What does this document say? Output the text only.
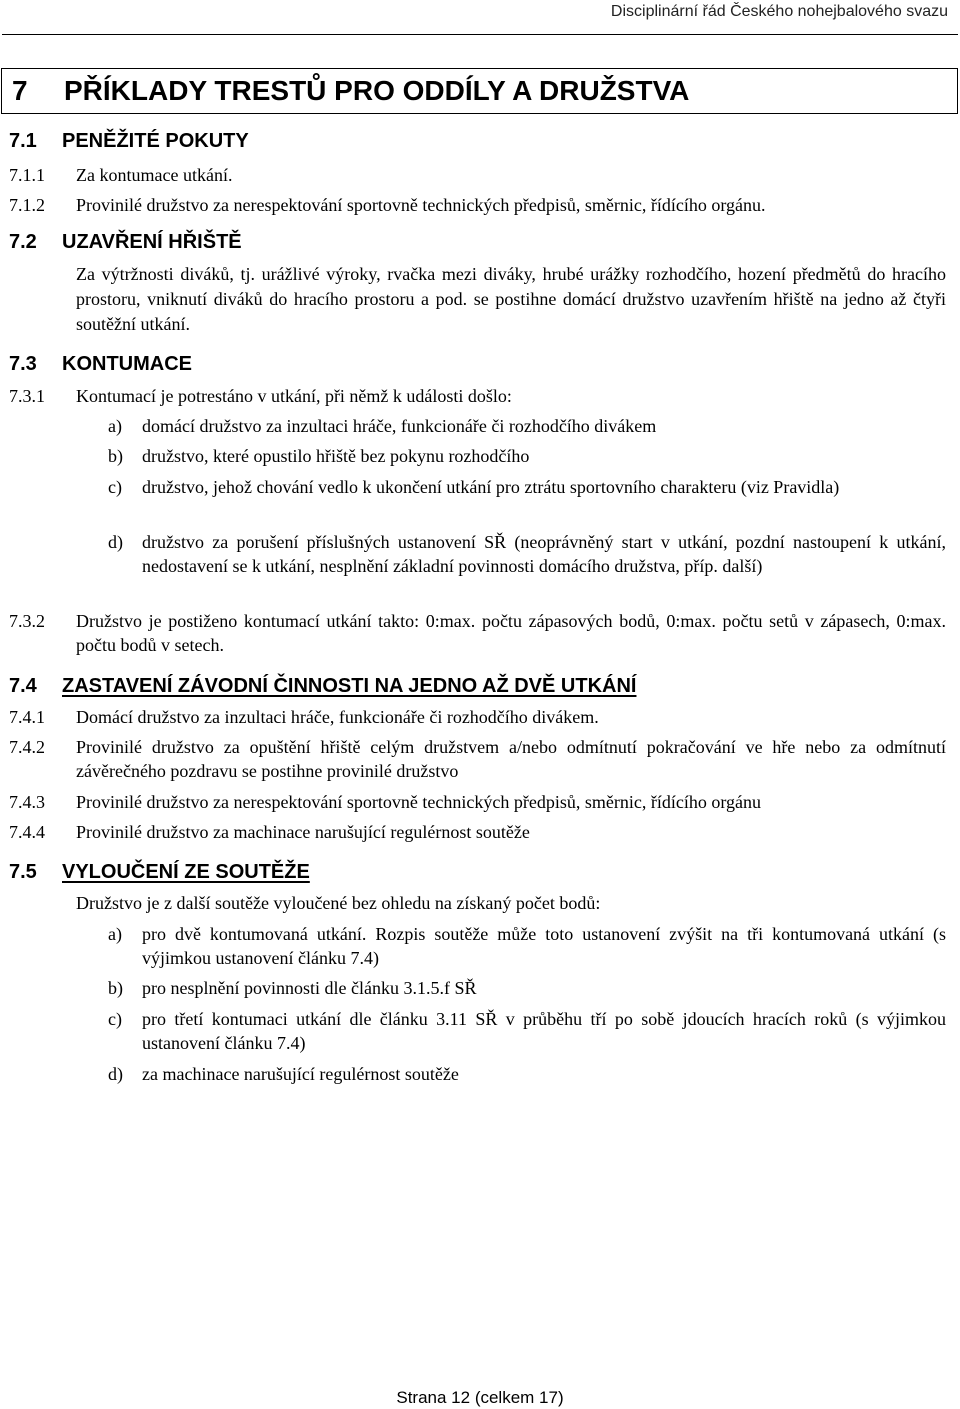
Disciplinární řád Českého nohejbalového svazu
7 PŘÍKLADY TRESTŮ PRO ODDÍLY A DRUŽSTVA
7.1 PENĚŽITÉ POKUTY
7.1.1 Za kontumace utkání.
7.1.2 Provinilé družstvo za nerespektování sportovně technických předpisů, směrnic, řídícího orgánu.
7.2 UZAVŘENÍ HŘIŠTĚ
Za výtržnosti diváků, tj. urážlivé výroky, rvačka mezi diváky, hrubé urážky rozhodčího, hození předmětů do hracího prostoru, vniknutí diváků do hracího prostoru a pod. se postihne domácí družstvo uzavřením hřiště na jedno až čtyři soutěžní utkání.
7.3 KONTUMACE
7.3.1 Kontumací je potrestáno v utkání, při němž k události došlo:
a) domácí družstvo za inzultaci hráče, funkcionáře či rozhodčího divákem
b) družstvo, které opustilo hřiště bez pokynu rozhodčího
c) družstvo, jehož chování vedlo k ukončení utkání pro ztrátu sportovního charakteru (viz Pravidla)
d) družstvo za porušení příslušných ustanovení SŘ (neoprávněný start v utkání, pozdní nastoupení k utkání, nedostavení se k utkání, nesplnění základní povinnosti domácího družstva, příp. další)
7.3.2 Družstvo je postiženo kontumací utkání takto: 0:max. počtu zápasových bodů, 0:max. počtu setů v zápasech, 0:max. počtu bodů v setech.
7.4 ZASTAVENÍ ZÁVODNÍ ČINNOSTI NA JEDNO AŽ DVĚ UTKÁNÍ
7.4.1 Domácí družstvo za inzultaci hráče, funkcionáře či rozhodčího divákem.
7.4.2 Provinilé družstvo za opuštění hřiště celým družstvem a/nebo odmítnutí pokračování ve hře nebo za odmítnutí závěrečného pozdravu se postihne provinilé družstvo
7.4.3 Provinilé družstvo za nerespektování sportovně technických předpisů, směrnic, řídícího orgánu
7.4.4 Provinilé družstvo za machinace narušující regulérnost soutěže
7.5 VYLOUČENÍ ZE SOUTĚŽE
Družstvo je z další soutěže vyloučené bez ohledu na získaný počet bodů:
a) pro dvě kontumovaná utkání. Rozpis soutěže může toto ustanovení zvýšit na tři kontumovaná utkání (s výjimkou ustanovení článku 7.4)
b) pro nesplnění povinnosti dle článku 3.1.5.f SŘ
c) pro třetí kontumaci utkání dle článku 3.11 SŘ v průběhu tří po sobě jdoucích hracích roků (s výjimkou ustanovení článku 7.4)
d) za machinace narušující regulérnost soutěže
Strana 12 (celkem 17)
